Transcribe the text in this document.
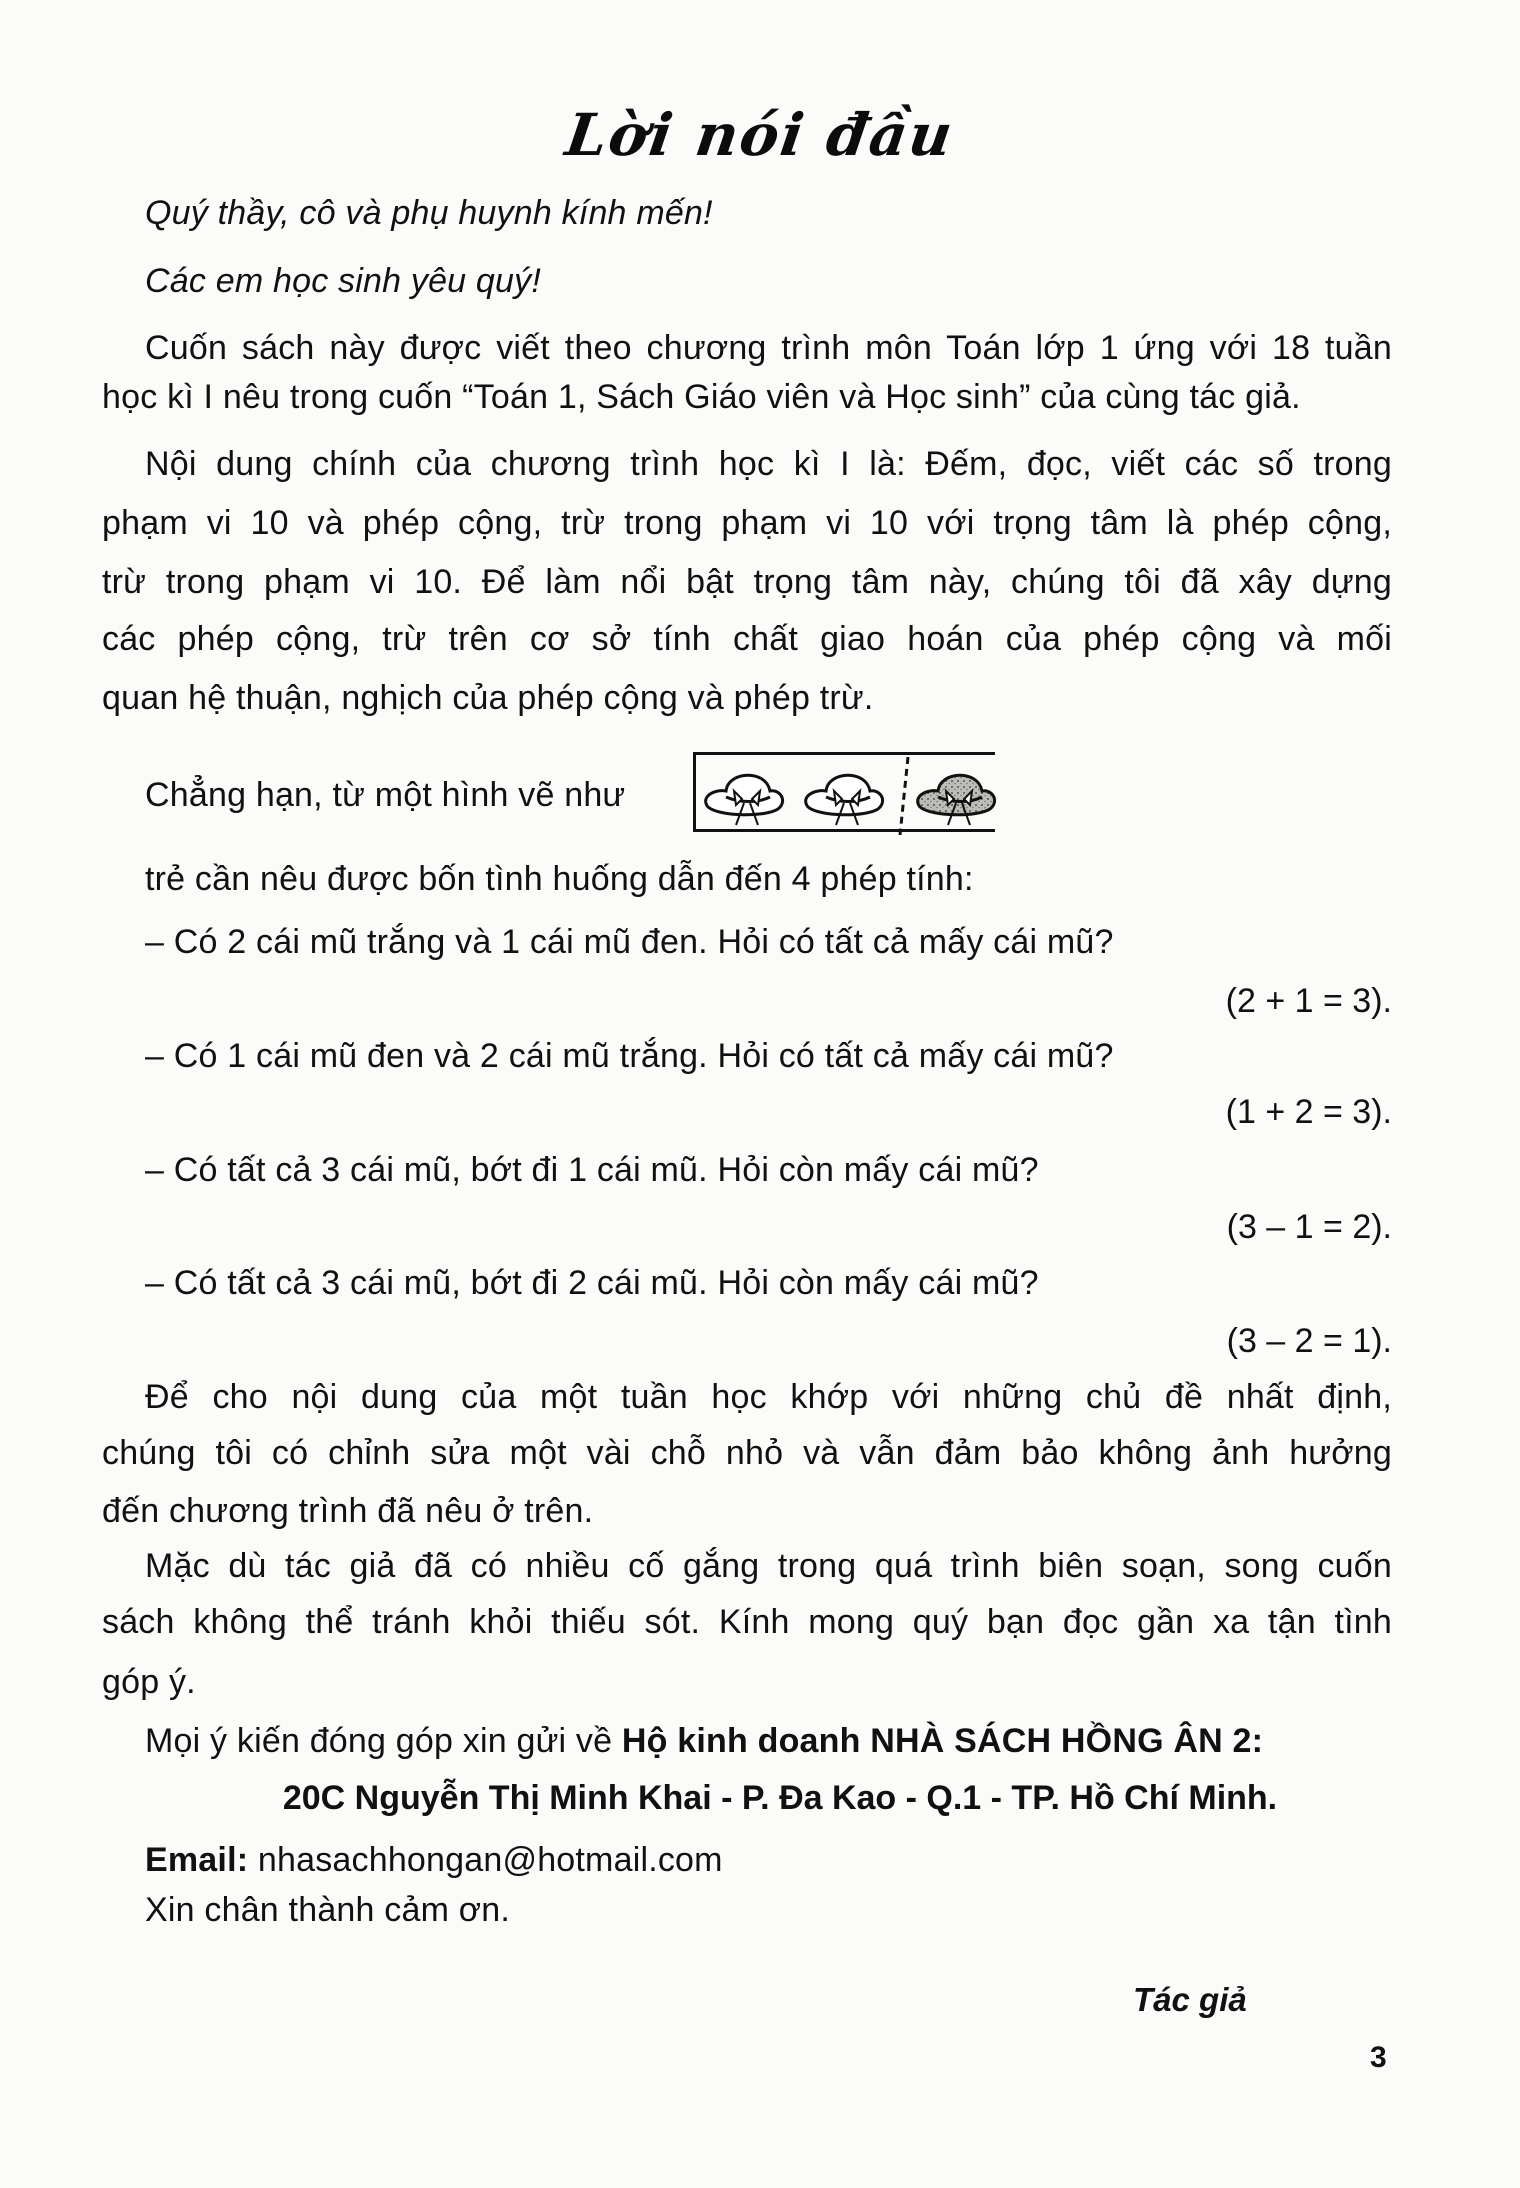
Lời nói đầu
Quý thầy, cô và phụ huynh kính mến!
Các em học sinh yêu quý!
Cuốn sách này được viết theo chương trình môn Toán lớp 1 ứng với 18 tuần
học kì I nêu trong cuốn “Toán 1, Sách Giáo viên và Học sinh” của cùng tác giả.
Nội dung chính của chương trình học kì I là: Đếm, đọc, viết các số trong
phạm vi 10 và phép cộng, trừ trong phạm vi 10 với trọng tâm là phép cộng,
trừ trong phạm vi 10. Để làm nổi bật trọng tâm này, chúng tôi đã xây dựng
các phép cộng, trừ trên cơ sở tính chất giao hoán của phép cộng và mối
quan hệ thuận, nghịch của phép cộng và phép trừ.
Chẳng hạn, từ một hình vẽ như
trẻ cần nêu được bốn tình huống dẫn đến 4 phép tính:
– Có 2 cái mũ trắng và 1 cái mũ đen. Hỏi có tất cả mấy cái mũ?
(2 + 1 = 3).
– Có 1 cái mũ đen và 2 cái mũ trắng. Hỏi có tất cả mấy cái mũ?
(1 + 2 = 3).
– Có tất cả 3 cái mũ, bớt đi 1 cái mũ. Hỏi còn mấy cái mũ?
(3 – 1 = 2).
– Có tất cả 3 cái mũ, bớt đi 2 cái mũ. Hỏi còn mấy cái mũ?
(3 – 2 = 1).
Để cho nội dung của một tuần học khớp với những chủ đề nhất định,
chúng tôi có chỉnh sửa một vài chỗ nhỏ và vẫn đảm bảo không ảnh hưởng
đến chương trình đã nêu ở trên.
Mặc dù tác giả đã có nhiều cố gắng trong quá trình biên soạn, song cuốn
sách không thể tránh khỏi thiếu sót. Kính mong quý bạn đọc gần xa tận tình
góp ý.
Mọi ý kiến đóng góp xin gửi về Hộ kinh doanh NHÀ SÁCH HỒNG ÂN 2:
20C Nguyễn Thị Minh Khai - P. Đa Kao - Q.1 - TP. Hồ Chí Minh.
Email: nhasachhongan@hotmail.com
Xin chân thành cảm ơn.
Tác giả
3
